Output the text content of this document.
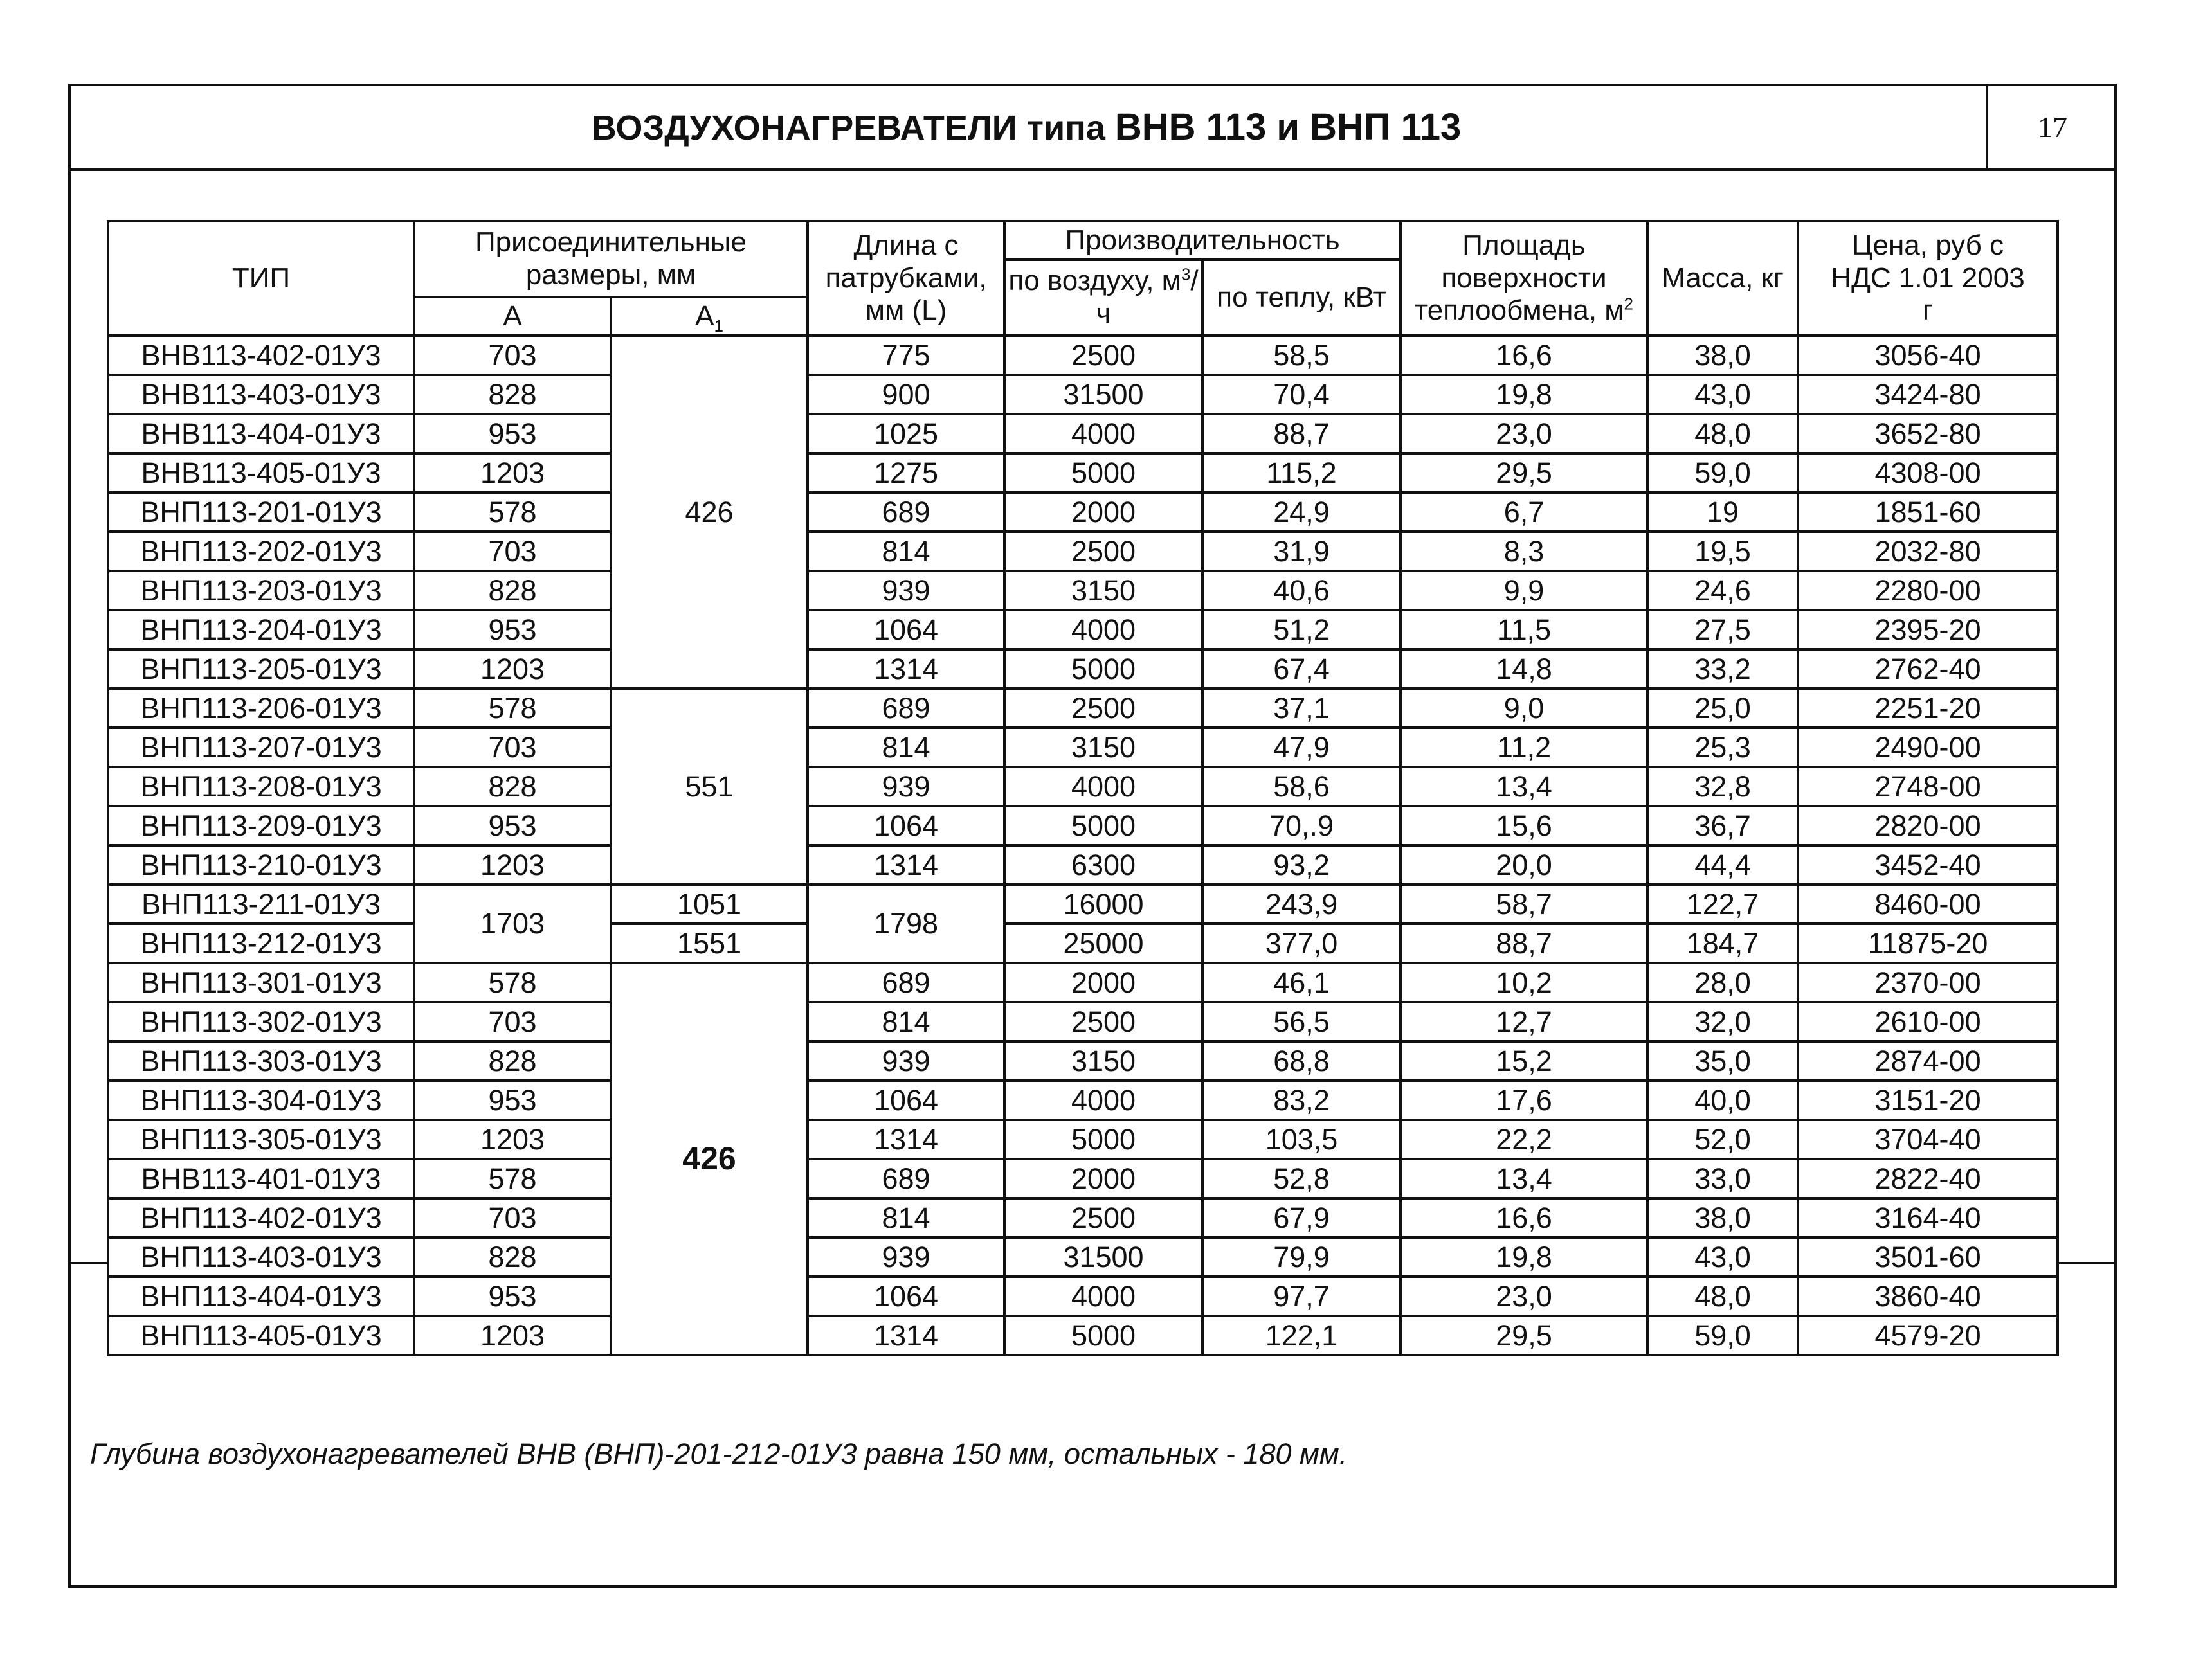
ВОЗДУХОНАГРЕВАТЕЛИ типа ВНВ 113 и ВНП 113	17
ТИП	Присоединительные размеры, мм		Длина с патрубками, мм (L)	Производительность		Площадь поверхности теплообмена, $м^2$	Масса, кг	Цена, руб с НДС 1.01 2003 г
				по воздуху, $м^3/ч$	по теплу, кВт			
	А	$А_1$
ВНВ113-402-01У3	703	426	775	2500	58,5	16,6	38,0	3056-40
ВНВ113-403-01У3	828		900	31500	70,4	19,8	43,0	3424-80
ВНВ113-404-01У3	953		1025	4000	88,7	23,0	48,0	3652-80
ВНВ113-405-01У3	1203		1275	5000	115,2	29,5	59,0	4308-00
ВНП113-201-01У3	578		689	2000	24,9	6,7	19	1851-60
ВНП113-202-01У3	703		814	2500	31,9	8,3	19,5	2032-80
ВНП113-203-01У3	828		939	3150	40,6	9,9	24,6	2280-00
ВНП113-204-01У3	953		1064	4000	51,2	11,5	27,5	2395-20
ВНП113-205-01У3	1203		1314	5000	67,4	14,8	33,2	2762-40
ВНП113-206-01У3	578	551	689	2500	37,1	9,0	25,0	2251-20
ВНП113-207-01У3	703		814	3150	47,9	11,2	25,3	2490-00
ВНП113-208-01У3	828		939	4000	58,6	13,4	32,8	2748-00
ВНП113-209-01У3	953		1064	5000	70,.9	15,6	36,7	2820-00
ВНП113-210-01У3	1203		1314	6300	93,2	20,0	44,4	3452-40
ВНП113-211-01У3	1703	1051	1798	16000	243,9	58,7	122,7	8460-00
ВНП113-212-01У3		1551		25000	377,0	88,7	184,7	11875-20
ВНП113-301-01У3	578	426	689	2000	46,1	10,2	28,0	2370-00
ВНП113-302-01У3	703		814	2500	56,5	12,7	32,0	2610-00
ВНП113-303-01У3	828		939	3150	68,8	15,2	35,0	2874-00
ВНП113-304-01У3	953		1064	4000	83,2	17,6	40,0	3151-20
ВНП113-305-01У3	1203		1314	5000	103,5	22,2	52,0	3704-40
ВНВ113-401-01У3	578		689	2000	52,8	13,4	33,0	2822-40
ВНП113-402-01У3	703		814	2500	67,9	16,6	38,0	3164-40
ВНП113-403-01У3	828		939	31500	79,9	19,8	43,0	3501-60
ВНП113-404-01У3	953		1064	4000	97,7	23,0	48,0	3860-40
ВНП113-405-01У3	1203		1314	5000	122,1	29,5	59,0	4579-20
Глубина воздухонагревателей ВНВ (ВНП)-201-212-01У3 равна 150 мм, остальных - 180 мм.
